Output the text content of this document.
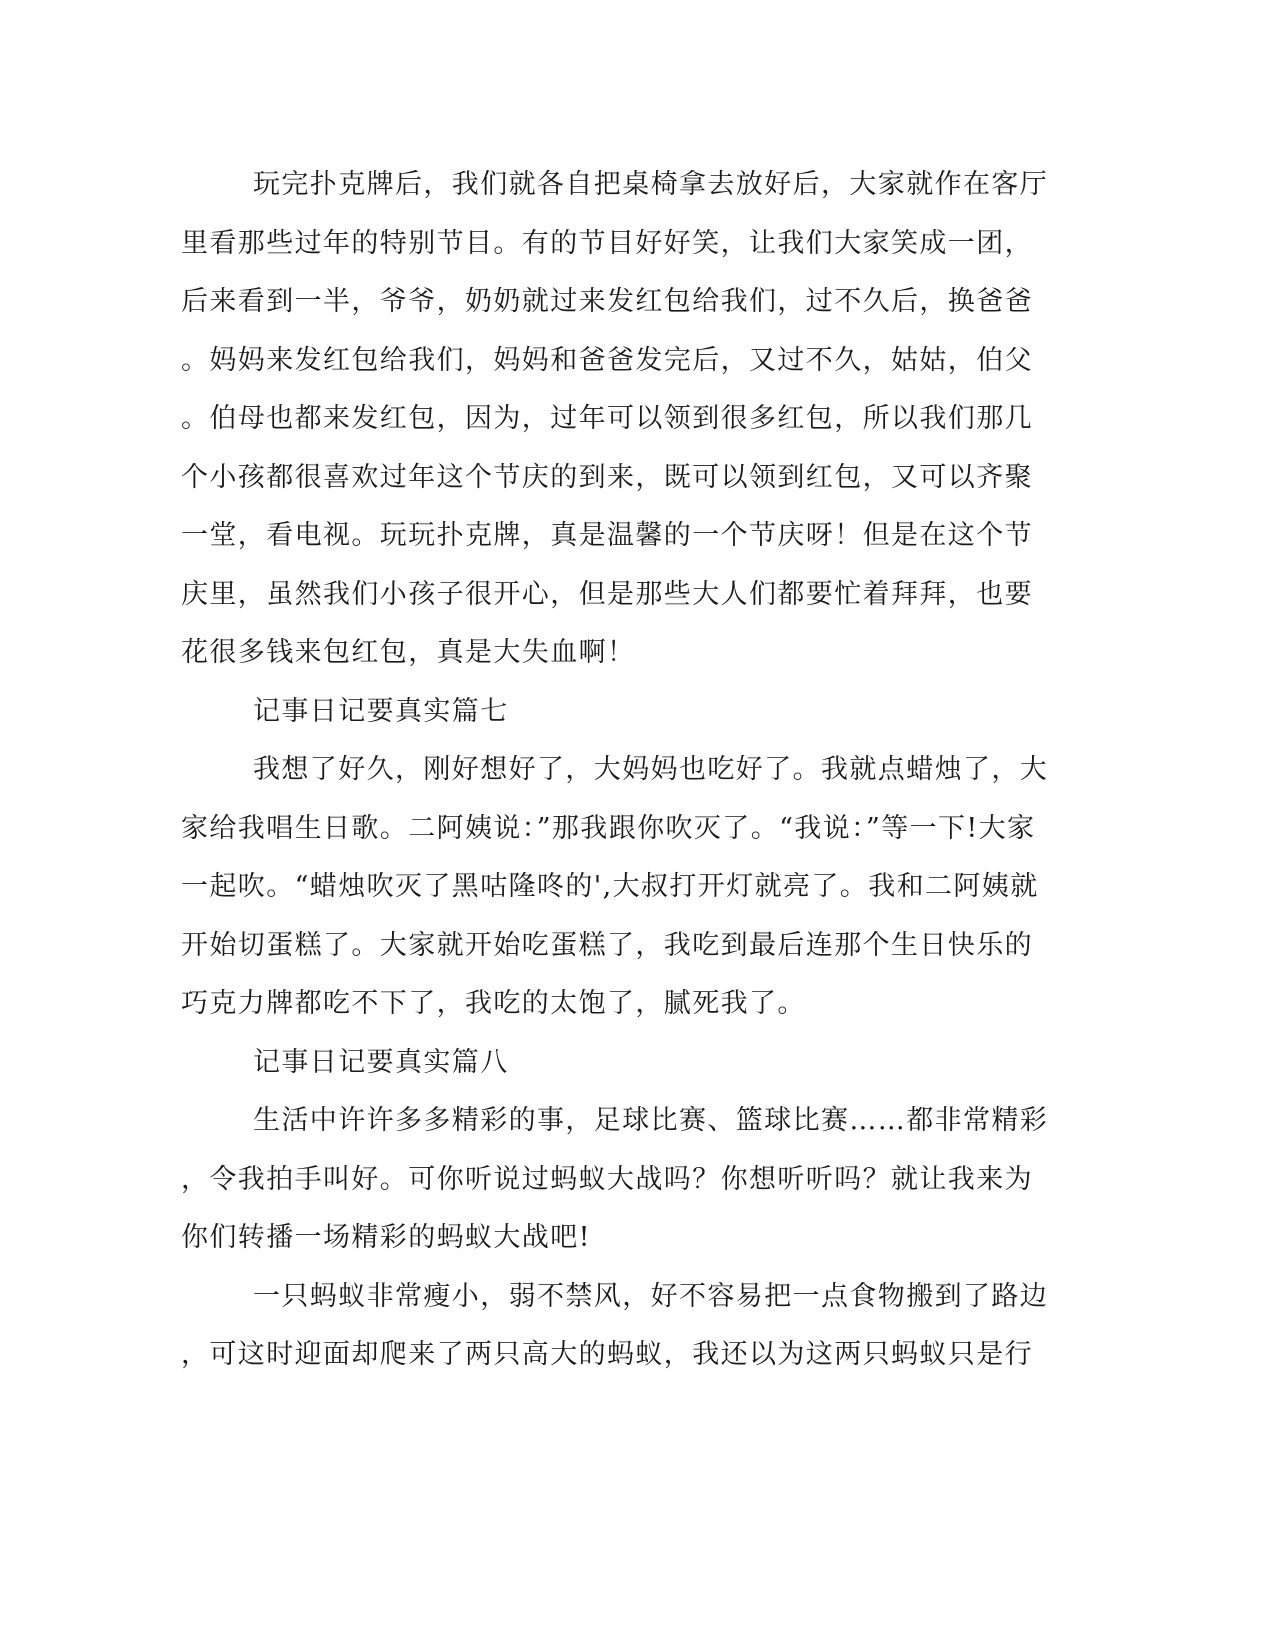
玩完扑克牌后，我们就各自把桌椅拿去放好后，大家就作在客厅
里看那些过年的特别节目。有的节目好好笑，让我们大家笑成一团，
后来看到一半，爷爷，奶奶就过来发红包给我们，过不久后，换爸爸
。妈妈来发红包给我们，妈妈和爸爸发完后，又过不久，姑姑，伯父
。伯母也都来发红包，因为，过年可以领到很多红包，所以我们那几
个小孩都很喜欢过年这个节庆的到来，既可以领到红包，又可以齐聚
一堂，看电视。玩玩扑克牌，真是温馨的一个节庆呀！但是在这个节
庆里，虽然我们小孩子很开心，但是那些大人们都要忙着拜拜，也要
花很多钱来包红包，真是大失血啊！
记事日记要真实篇七
我想了好久，刚好想好了，大妈妈也吃好了。我就点蜡烛了，大
家给我唱生日歌。二阿姨说：”那我跟你吹灭了。“我说：”等一下!大家
一起吹。“蜡烛吹灭了黑咕隆咚的',大叔打开灯就亮了。我和二阿姨就
开始切蛋糕了。大家就开始吃蛋糕了，我吃到最后连那个生日快乐的
巧克力牌都吃不下了，我吃的太饱了，腻死我了。
记事日记要真实篇八
生活中许许多多精彩的事，足球比赛、篮球比赛……都非常精彩
，令我拍手叫好。可你听说过蚂蚁大战吗？你想听听吗？就让我来为
你们转播一场精彩的蚂蚁大战吧!
一只蚂蚁非常瘦小，弱不禁风，好不容易把一点食物搬到了路边
，可这时迎面却爬来了两只高大的蚂蚁，我还以为这两只蚂蚁只是行
